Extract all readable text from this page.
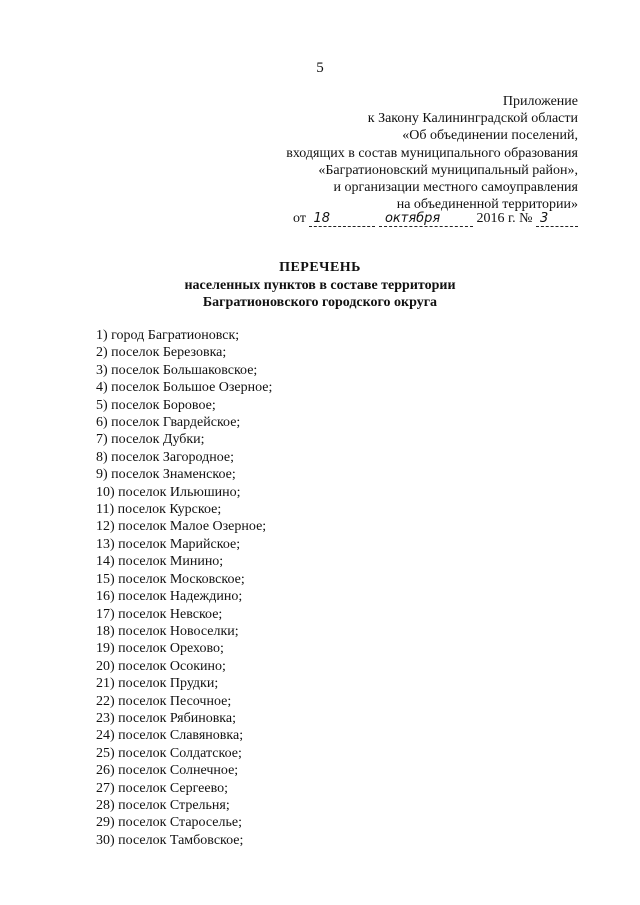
5
Приложение
к Закону Калининградской области
«Об объединении поселений,
входящих в состав муниципального образования
«Багратионовский муниципальный район»,
и организации местного самоуправления
на объединенной территории»
от 18	октября	2016 г. № 3
ПЕРЕЧЕНЬ
населенных пунктов в составе территории
Багратионовского городского округа
1) город Багратионовск;
2) поселок Березовка;
3) поселок Большаковское;
4) поселок Большое Озерное;
5) поселок Боровое;
6) поселок Гвардейское;
7) поселок Дубки;
8) поселок Загородное;
9) поселок Знаменское;
10) поселок Ильюшино;
11) поселок Курское;
12) поселок Малое Озерное;
13) поселок Марийское;
14) поселок Минино;
15) поселок Московское;
16) поселок Надеждино;
17) поселок Невское;
18) поселок Новоселки;
19) поселок Орехово;
20) поселок Осокино;
21) поселок Прудки;
22) поселок Песочное;
23) поселок Рябиновка;
24) поселок Славяновка;
25) поселок Солдатское;
26) поселок Солнечное;
27) поселок Сергеево;
28) поселок Стрельня;
29) поселок Староселье;
30) поселок Тамбовское;
